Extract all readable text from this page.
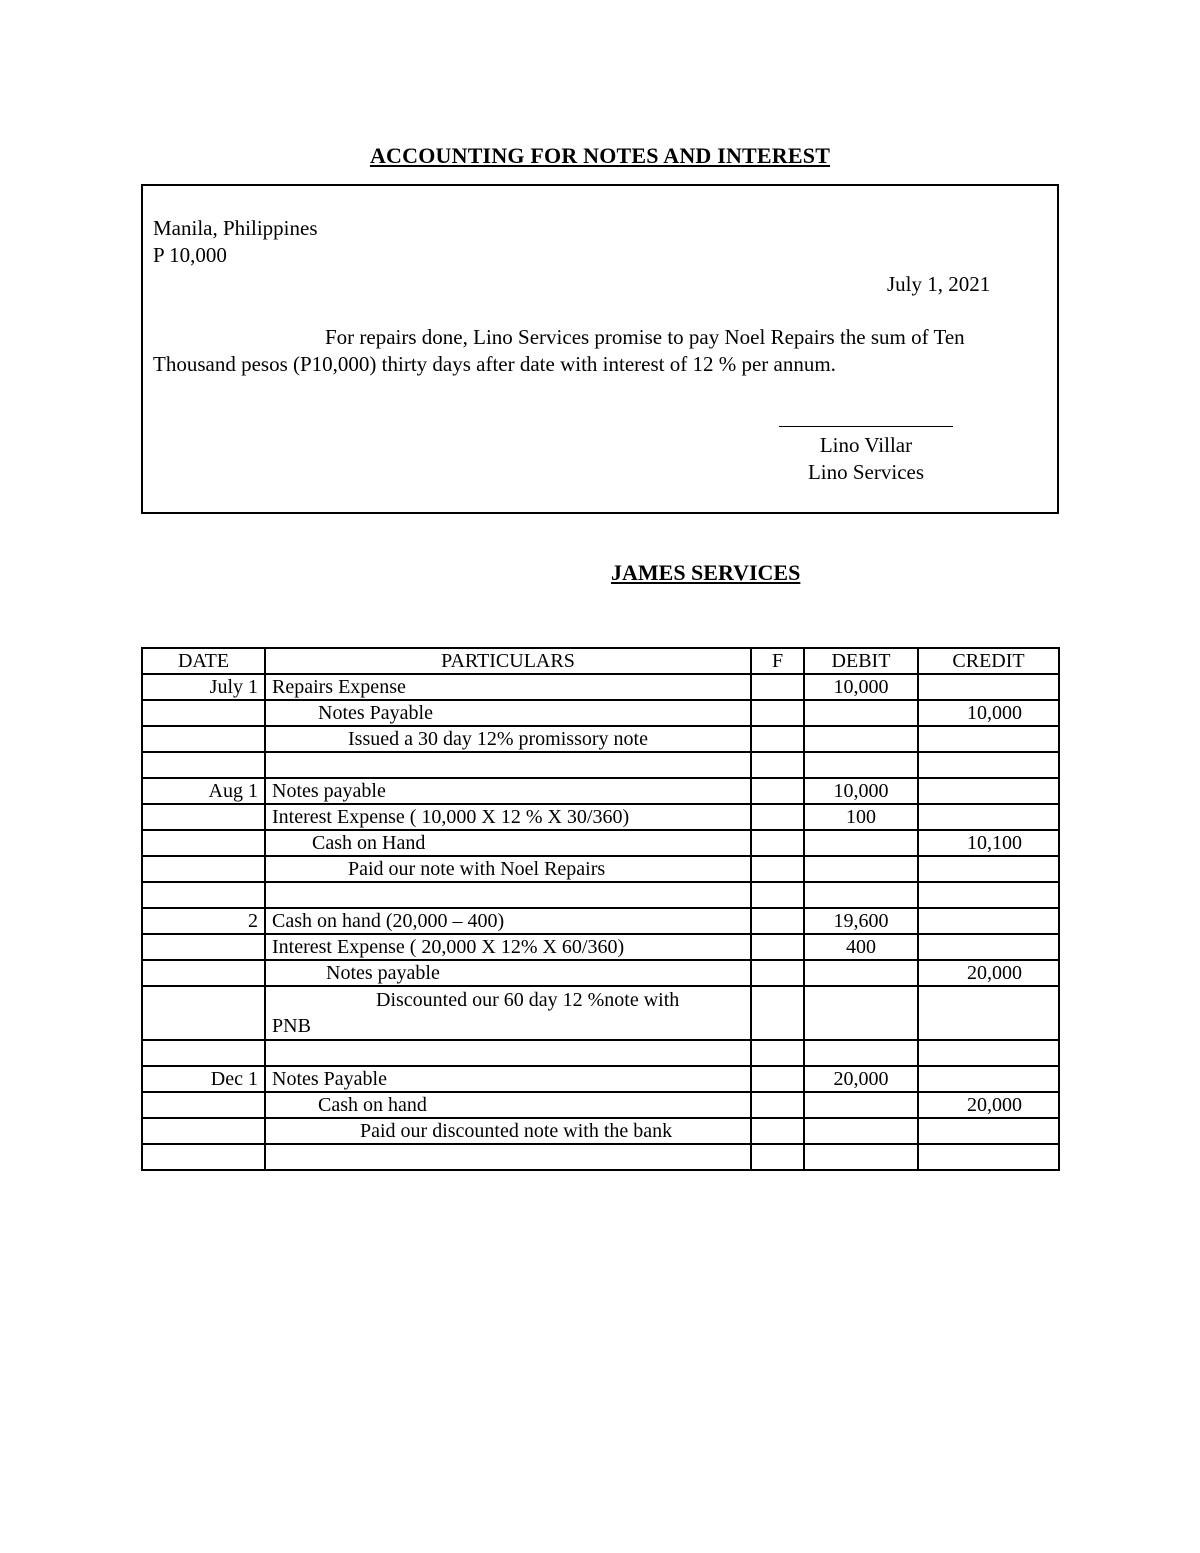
ACCOUNTING FOR NOTES AND INTEREST
Manila, Philippines
P 10,000
July 1, 2021
For repairs done, Lino Services promise to pay Noel Repairs the sum of Ten
Thousand pesos (P10,000) thirty days after date with interest of 12 % per annum.
Lino Villar
Lino Services
JAMES SERVICES
DATE	PARTICULARS	F	DEBIT	CREDIT
July 1	Repairs Expense		10,000	
	Notes Payable			10,000
	Issued a 30 day 12% promissory note			

Aug 1	Notes payable		10,000	
	Interest Expense ( 10,000 X 12 % X 30/360)		100	
	Cash on Hand			10,100
	Paid our note with Noel Repairs			

2	Cash on hand (20,000 – 400)		19,600	
	Interest Expense ( 20,000 X 12% X 60/360)		400	
	Notes payable			20,000

	Discounted our 60 day 12 %note with
PNB			

Dec 1	Notes Payable		20,000	
	Cash on hand			20,000
	Paid our discounted note with the bank			
